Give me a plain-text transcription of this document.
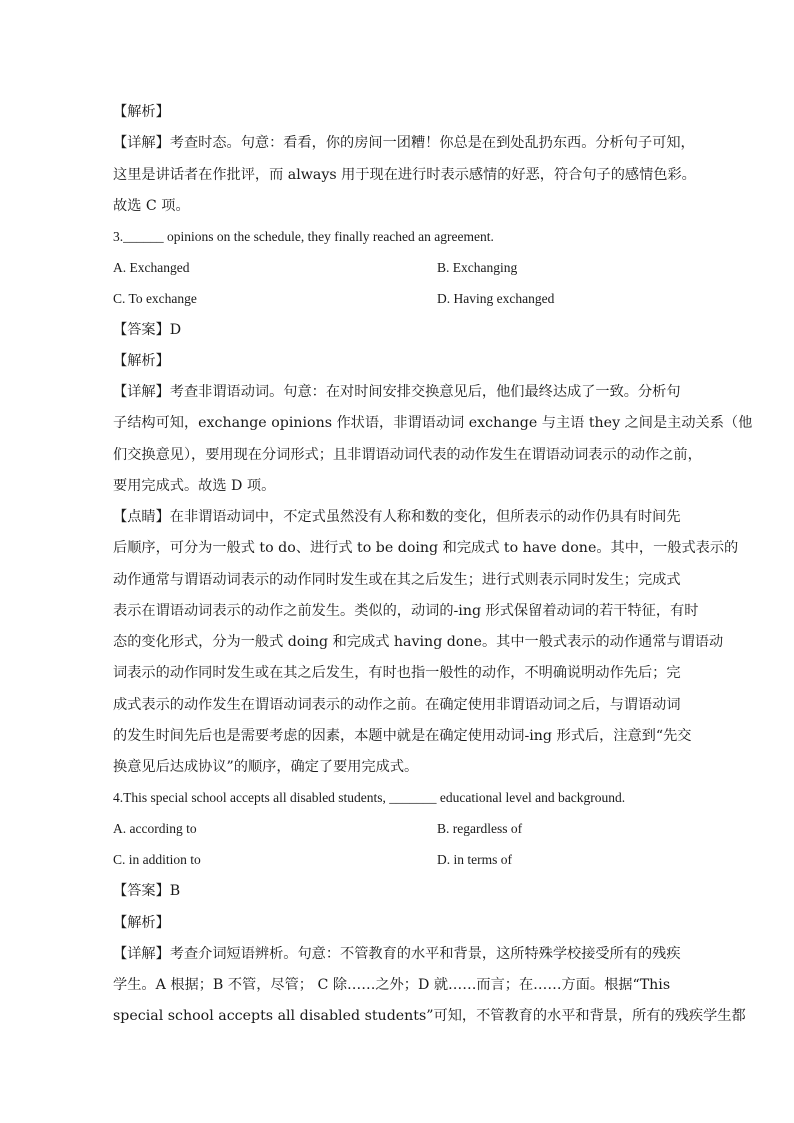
【解析】
【详解】考查时态。句意：看看，你的房间一团糟！你总是在到处乱扔东西。分析句子可知，
这里是讲话者在作批评，而 always 用于现在进行时表示感情的好恶，符合句子的感情色彩。
故选 C 项。
3.______ opinions on the schedule, they finally reached an agreement.
A. Exchanged	B. Exchanging
C. To exchange	D. Having exchanged
【答案】D
【解析】
【详解】考查非谓语动词。句意：在对时间安排交换意见后，他们最终达成了一致。分析句
子结构可知，exchange opinions 作状语，非谓语动词 exchange 与主语 they 之间是主动关系（他
们交换意见），要用现在分词形式；且非谓语动词代表的动作发生在谓语动词表示的动作之前，
要用完成式。故选 D 项。
【点睛】在非谓语动词中，不定式虽然没有人称和数的变化，但所表示的动作仍具有时间先
后顺序，可分为一般式 to do、进行式 to be doing 和完成式 to have done。其中，一般式表示的
动作通常与谓语动词表示的动作同时发生或在其之后发生；进行式则表示同时发生；完成式
表示在谓语动词表示的动作之前发生。类似的，动词的-ing 形式保留着动词的若干特征，有时
态的变化形式，分为一般式 doing 和完成式 having done。其中一般式表示的动作通常与谓语动
词表示的动作同时发生或在其之后发生，有时也指一般性的动作，不明确说明动作先后；完
成式表示的动作发生在谓语动词表示的动作之前。在确定使用非谓语动词之后，与谓语动词
的发生时间先后也是需要考虑的因素，本题中就是在确定使用动词-ing 形式后，注意到“先交
换意见后达成协议”的顺序，确定了要用完成式。
4.This special school accepts all disabled students, _______ educational level and background.
A. according to	B. regardless of
C. in addition to	D. in terms of
【答案】B
【解析】
【详解】考查介词短语辨析。句意：不管教育的水平和背景，这所特殊学校接受所有的残疾
学生。A 根据；B 不管，尽管； C 除……之外；D 就……而言；在……方面。根据“This
special school accepts all disabled students”可知，不管教育的水平和背景，所有的残疾学生都
